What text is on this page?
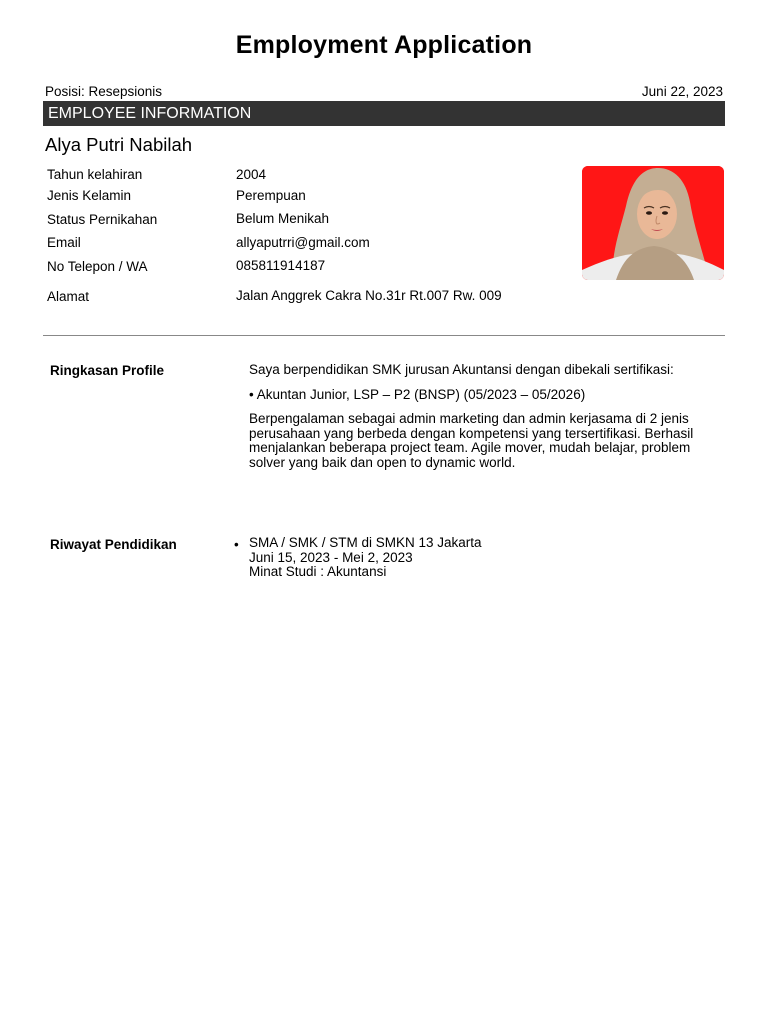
Employment Application
Posisi: Resepsionis	Juni 22, 2023
EMPLOYEE INFORMATION
Alya Putri Nabilah
Tahun kelahiran	2004
Jenis Kelamin	Perempuan
Status Pernikahan	Belum Menikah
Email	allyaputrri@gmail.com
No Telepon / WA	085811914187
Alamat	Jalan Anggrek Cakra No.31r Rt.007 Rw. 009
Ringkasan Profile	Saya berpendidikan SMK jurusan Akuntansi dengan dibekali sertifikasi:

• Akuntan Junior, LSP – P2 (BNSP) (05/2023 – 05/2026)

Berpengalaman sebagai admin marketing dan admin kerjasama di 2 jenis perusahaan yang berbeda dengan kompetensi yang tersertifikasi. Berhasil menjalankan beberapa project team. Agile mover, mudah belajar, problem solver yang baik dan open to dynamic world.

Riwayat Pendidikan	• SMA / SMK / STM di SMKN 13 Jakarta

Juni 15, 2023 - Mei 2, 2023

Minat Studi : Akuntansi
